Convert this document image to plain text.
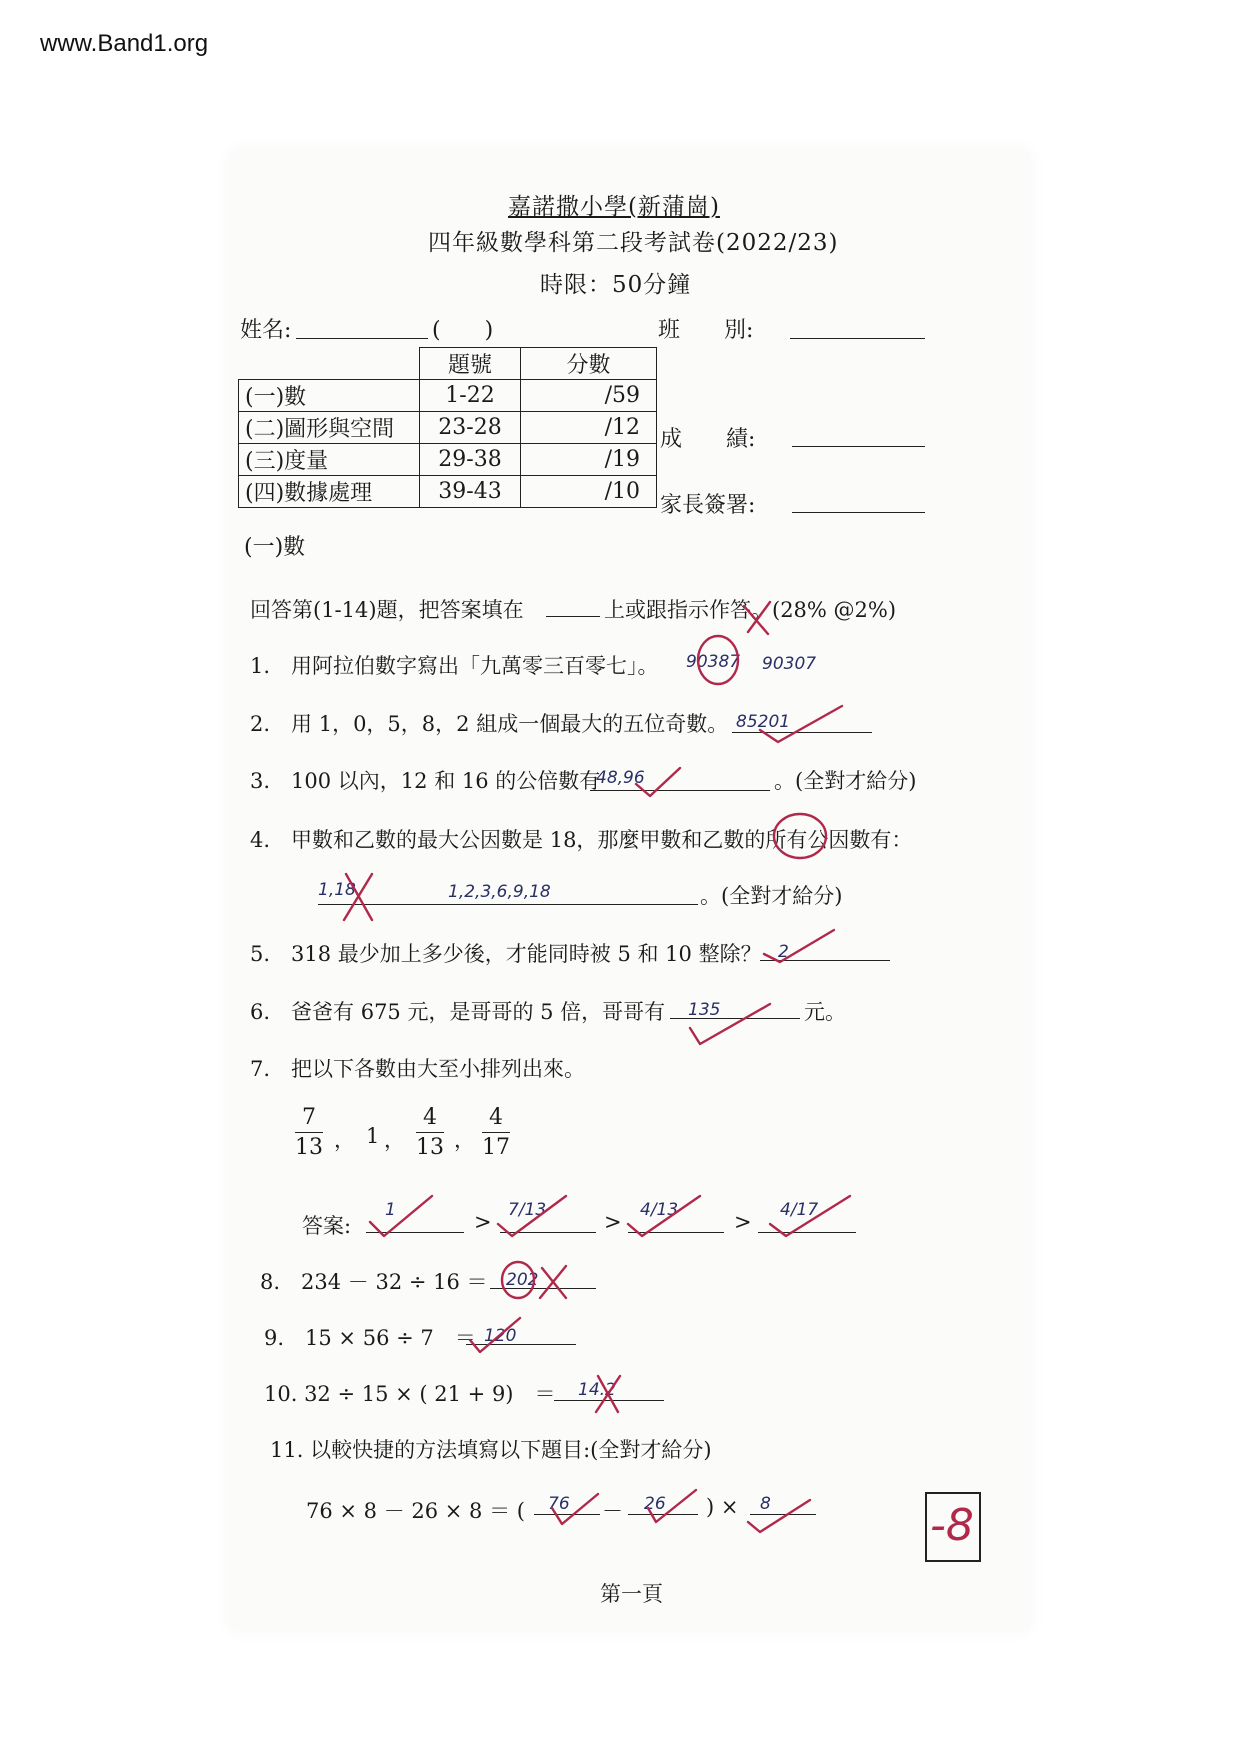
www.Band1.org
嘉諾撒小學(新蒲崗)
四年級數學科第二段考試卷(2022/23)
時限：50分鐘
姓名:	(　　)	班　　別:
	題號	分數
(一)數	1-22	/59
(二)圖形與空間	23-28	/12
(三)度量	29-38	/19
(四)數據處理	39-43	/10
成　　績:
家長簽署:
(一)數
回答第(1-14)題，把答案填在	上或跟指示作答。(28% @2%)
1.　用阿拉伯數字寫出「九萬零三百零七」。 90387 90307
2.　用 1，0，5，8，2 組成一個最大的五位奇數。 85201
3.　100 以內，12 和 16 的公倍數有
48,96	。(全對才給分)
4.　甲數和乙數的最大公因數是 18，那麼甲數和乙數的所有公因數有：
1,18	1,2,3,6,9,18	。(全對才給分)
5.　318 最少加上多少後，才能同時被 5 和 10 整除？ 2
6.　爸爸有 675 元，是哥哥的 5 倍，哥哥有 135	元。
7.　把以下各數由大至小排列出來。
7
13 ， 1 ，
4
13 ，
4
17
答案:
1	> 7/13	> 4/13	> 4/17
8.　234 － 32 ÷ 16 ＝ 202
9.　15 × 56 ÷ 7　＝ 120
10. 32 ÷ 15 × ( 21 + 9)　＝ 14.2
11. 以較快捷的方法填寫以下題目:(全對才給分)
76 × 8 － 26 × 8 ＝ ( 76 － 26 ) × 8	-8
第一頁
